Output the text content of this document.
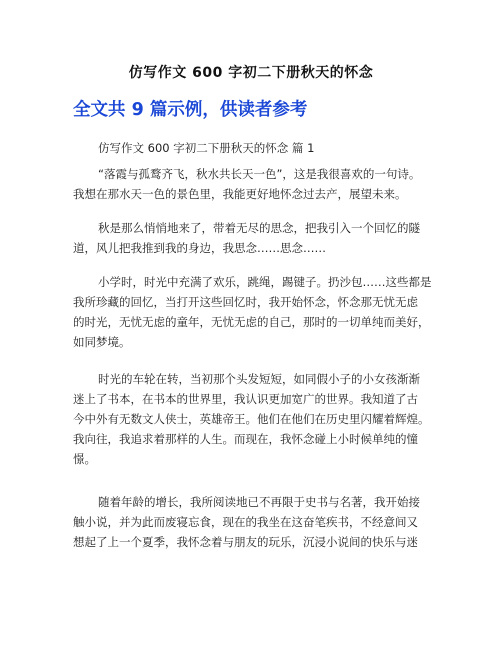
仿写作文 600 字初二下册秋天的怀念
全文共 9 篇示例，供读者参考
仿写作文 600 字初二下册秋天的怀念 篇 1
“落霞与孤鹜齐飞，秋水共长天一色”，这是我很喜欢的一句诗。
我想在那水天一色的景色里，我能更好地怀念过去产，展望未来。
秋是那么悄悄地来了，带着无尽的思念，把我引入一个回忆的隧
道，风儿把我推到我的身边，我思念……思念……
小学时，时光中充满了欢乐，跳绳，踢键子。扔沙包……这些都是
我所珍藏的回忆，当打开这些回忆时，我开始怀念，怀念那无忧无虑
的时光，无忧无虑的童年，无忧无虑的自己，那时的一切单纯而美好，
如同梦境。
时光的车轮在转，当初那个头发短短，如同假小子的小女孩渐渐
迷上了书本，在书本的世界里，我认识更加宽广的世界。我知道了古
今中外有无数文人侠士，英雄帝王。他们在他们在历史里闪耀着辉煌。
我向往，我追求着那样的人生。而现在，我怀念碰上小时候单纯的憧
憬。
随着年龄的增长，我所阅读地已不再限于史书与名著，我开始接
触小说，并为此而废寝忘食，现在的我坐在这奋笔疾书，不经意间又
想起了上一个夏季，我怀念着与朋友的玩乐，沉浸小说间的快乐与迷
